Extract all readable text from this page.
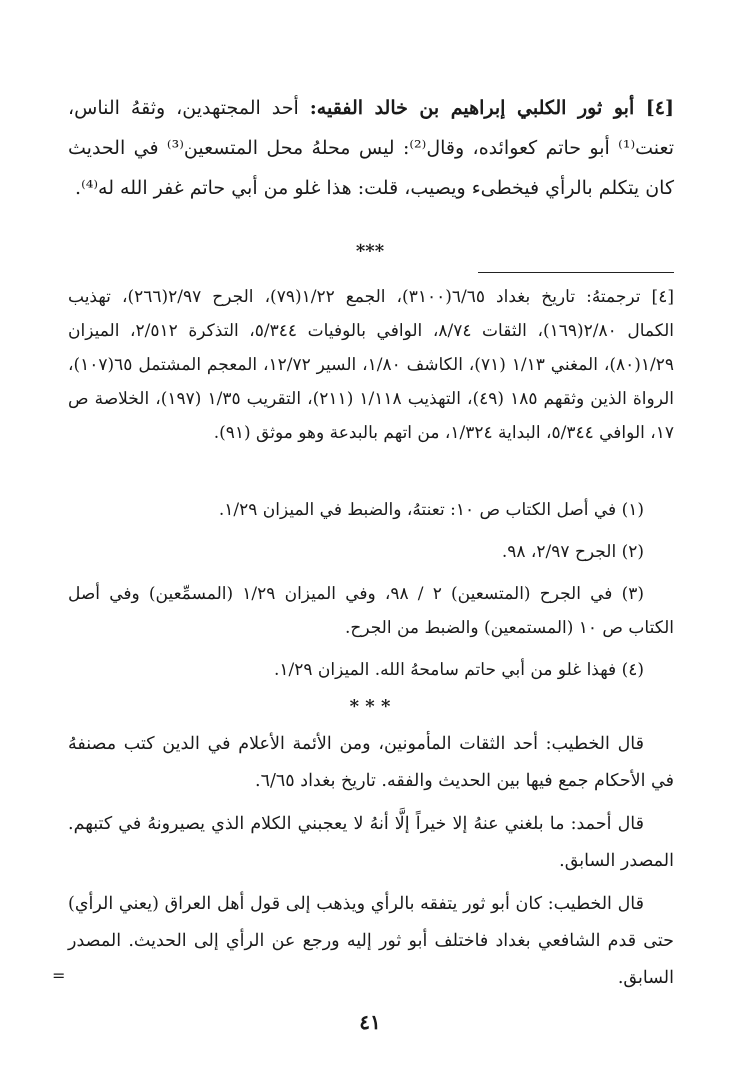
[٤] أبو ثور الكلبي إبراهيم بن خالد الفقيه: أحد المجتهدين، وثقهُ الناس، تعنت⁽¹⁾ أبو حاتم كعوائده، وقال⁽²⁾: ليس محلهُ محل المتسعين⁽³⁾ في الحديث كان يتكلم بالرأي فيخطىء ويصيب، قلت: هذا غلو من أبي حاتم غفر الله له⁽⁴⁾.

⁎⁎⁎

[٤] ترجمتهُ: تاريخ بغداد ٦/٦٥(٣١٠٠)، الجمع ١/٢٢(٧٩)، الجرح ٢/٩٧(٢٦٦)، تهذيب الكمال ٢/٨٠(١٦٩)، الثقات ٨/٧٤، الوافي بالوفيات ٥/٣٤٤، التذكرة ٢/٥١٢، الميزان ١/٢٩(٨٠)، المغني ١/١٣ (٧١)، الكاشف ١/٨٠، السير ١٢/٧٢، المعجم المشتمل ٦٥(١٠٧)، الرواة الذين وثقهم ١٨٥ (٤٩)، التهذيب ١/١١٨ (٢١١)، التقريب ١/٣٥ (١٩٧)، الخلاصة ص ١٧، الوافي ٥/٣٤٤، البداية ١/٣٢٤، من اتهم بالبدعة وهو موثق (٩١).

(١) في أصل الكتاب ص ١٠: تعنتهُ، والضبط في الميزان ١/٢٩.

(٢) الجرح ٢/٩٧، ٩٨.

(٣) في الجرح (المتسعين) ٢ / ٩٨، وفي الميزان ١/٢٩ (المسمِّعين) وفي أصل الكتاب ص ١٠ (المستمعين) والضبط من الجرح.

(٤) فهذا غلو من أبي حاتم سامحهُ الله. الميزان ١/٢٩.

* * *

قال الخطيب: أحد الثقات المأمونين، ومن الأئمة الأعلام في الدين كتب مصنفهُ في الأحكام جمع فيها بين الحديث والفقه. تاريخ بغداد ٦/٦٥.

قال أحمد: ما بلغني عنهُ إلا خيراً إلَّا أنهُ لا يعجبني الكلام الذي يصيرونهُ في كتبهم. المصدر السابق.

قال الخطيب: كان أبو ثور يتفقه بالرأي ويذهب إلى قول أهل العراق (يعني الرأي) حتى قدم الشافعي بغداد فاختلف أبو ثور إليه ورجع عن الرأي إلى الحديث. المصدر السابق.

=
٤١
